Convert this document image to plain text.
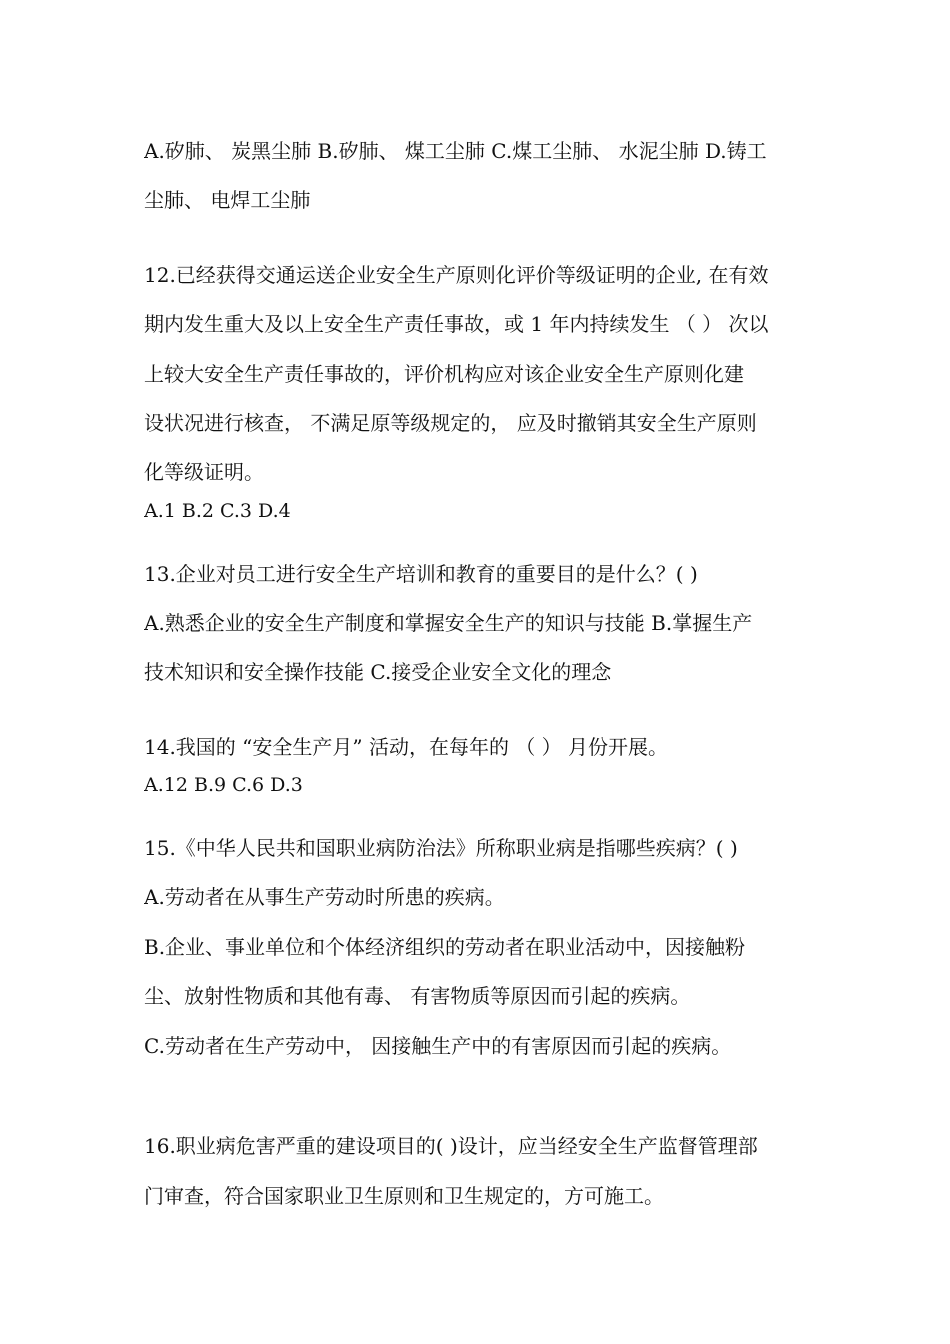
A.矽肺、 炭黑尘肺 B.矽肺、 煤工尘肺 C.煤工尘肺、 水泥尘肺 D.铸工
尘肺、 电焊工尘肺
12.已经获得交通运送企业安全生产原则化评价等级证明的企业, 在有效
期内发生重大及以上安全生产责任事故，或 1 年内持续发生 （ ） 次以
上较大安全生产责任事故的，评价机构应对该企业安全生产原则化建
设状况进行核查， 不满足原等级规定的， 应及时撤销其安全生产原则
化等级证明。
A.1 B.2 C.3 D.4
13.企业对员工进行安全生产培训和教育的重要目的是什么？( )
A.熟悉企业的安全生产制度和掌握安全生产的知识与技能 B.掌握生产
技术知识和安全操作技能 C.接受企业安全文化的理念
14.我国的 “安全生产月” 活动，在每年的 （ ） 月份开展。
A.12 B.9 C.6 D.3
15.《中华人民共和国职业病防治法》所称职业病是指哪些疾病？( )
A.劳动者在从事生产劳动时所患的疾病。
B.企业、事业单位和个体经济组织的劳动者在职业活动中，因接触粉
尘、放射性物质和其他有毒、 有害物质等原因而引起的疾病。
C.劳动者在生产劳动中， 因接触生产中的有害原因而引起的疾病。
16.职业病危害严重的建设项目的( )设计，应当经安全生产监督管理部
门审查，符合国家职业卫生原则和卫生规定的，方可施工。
